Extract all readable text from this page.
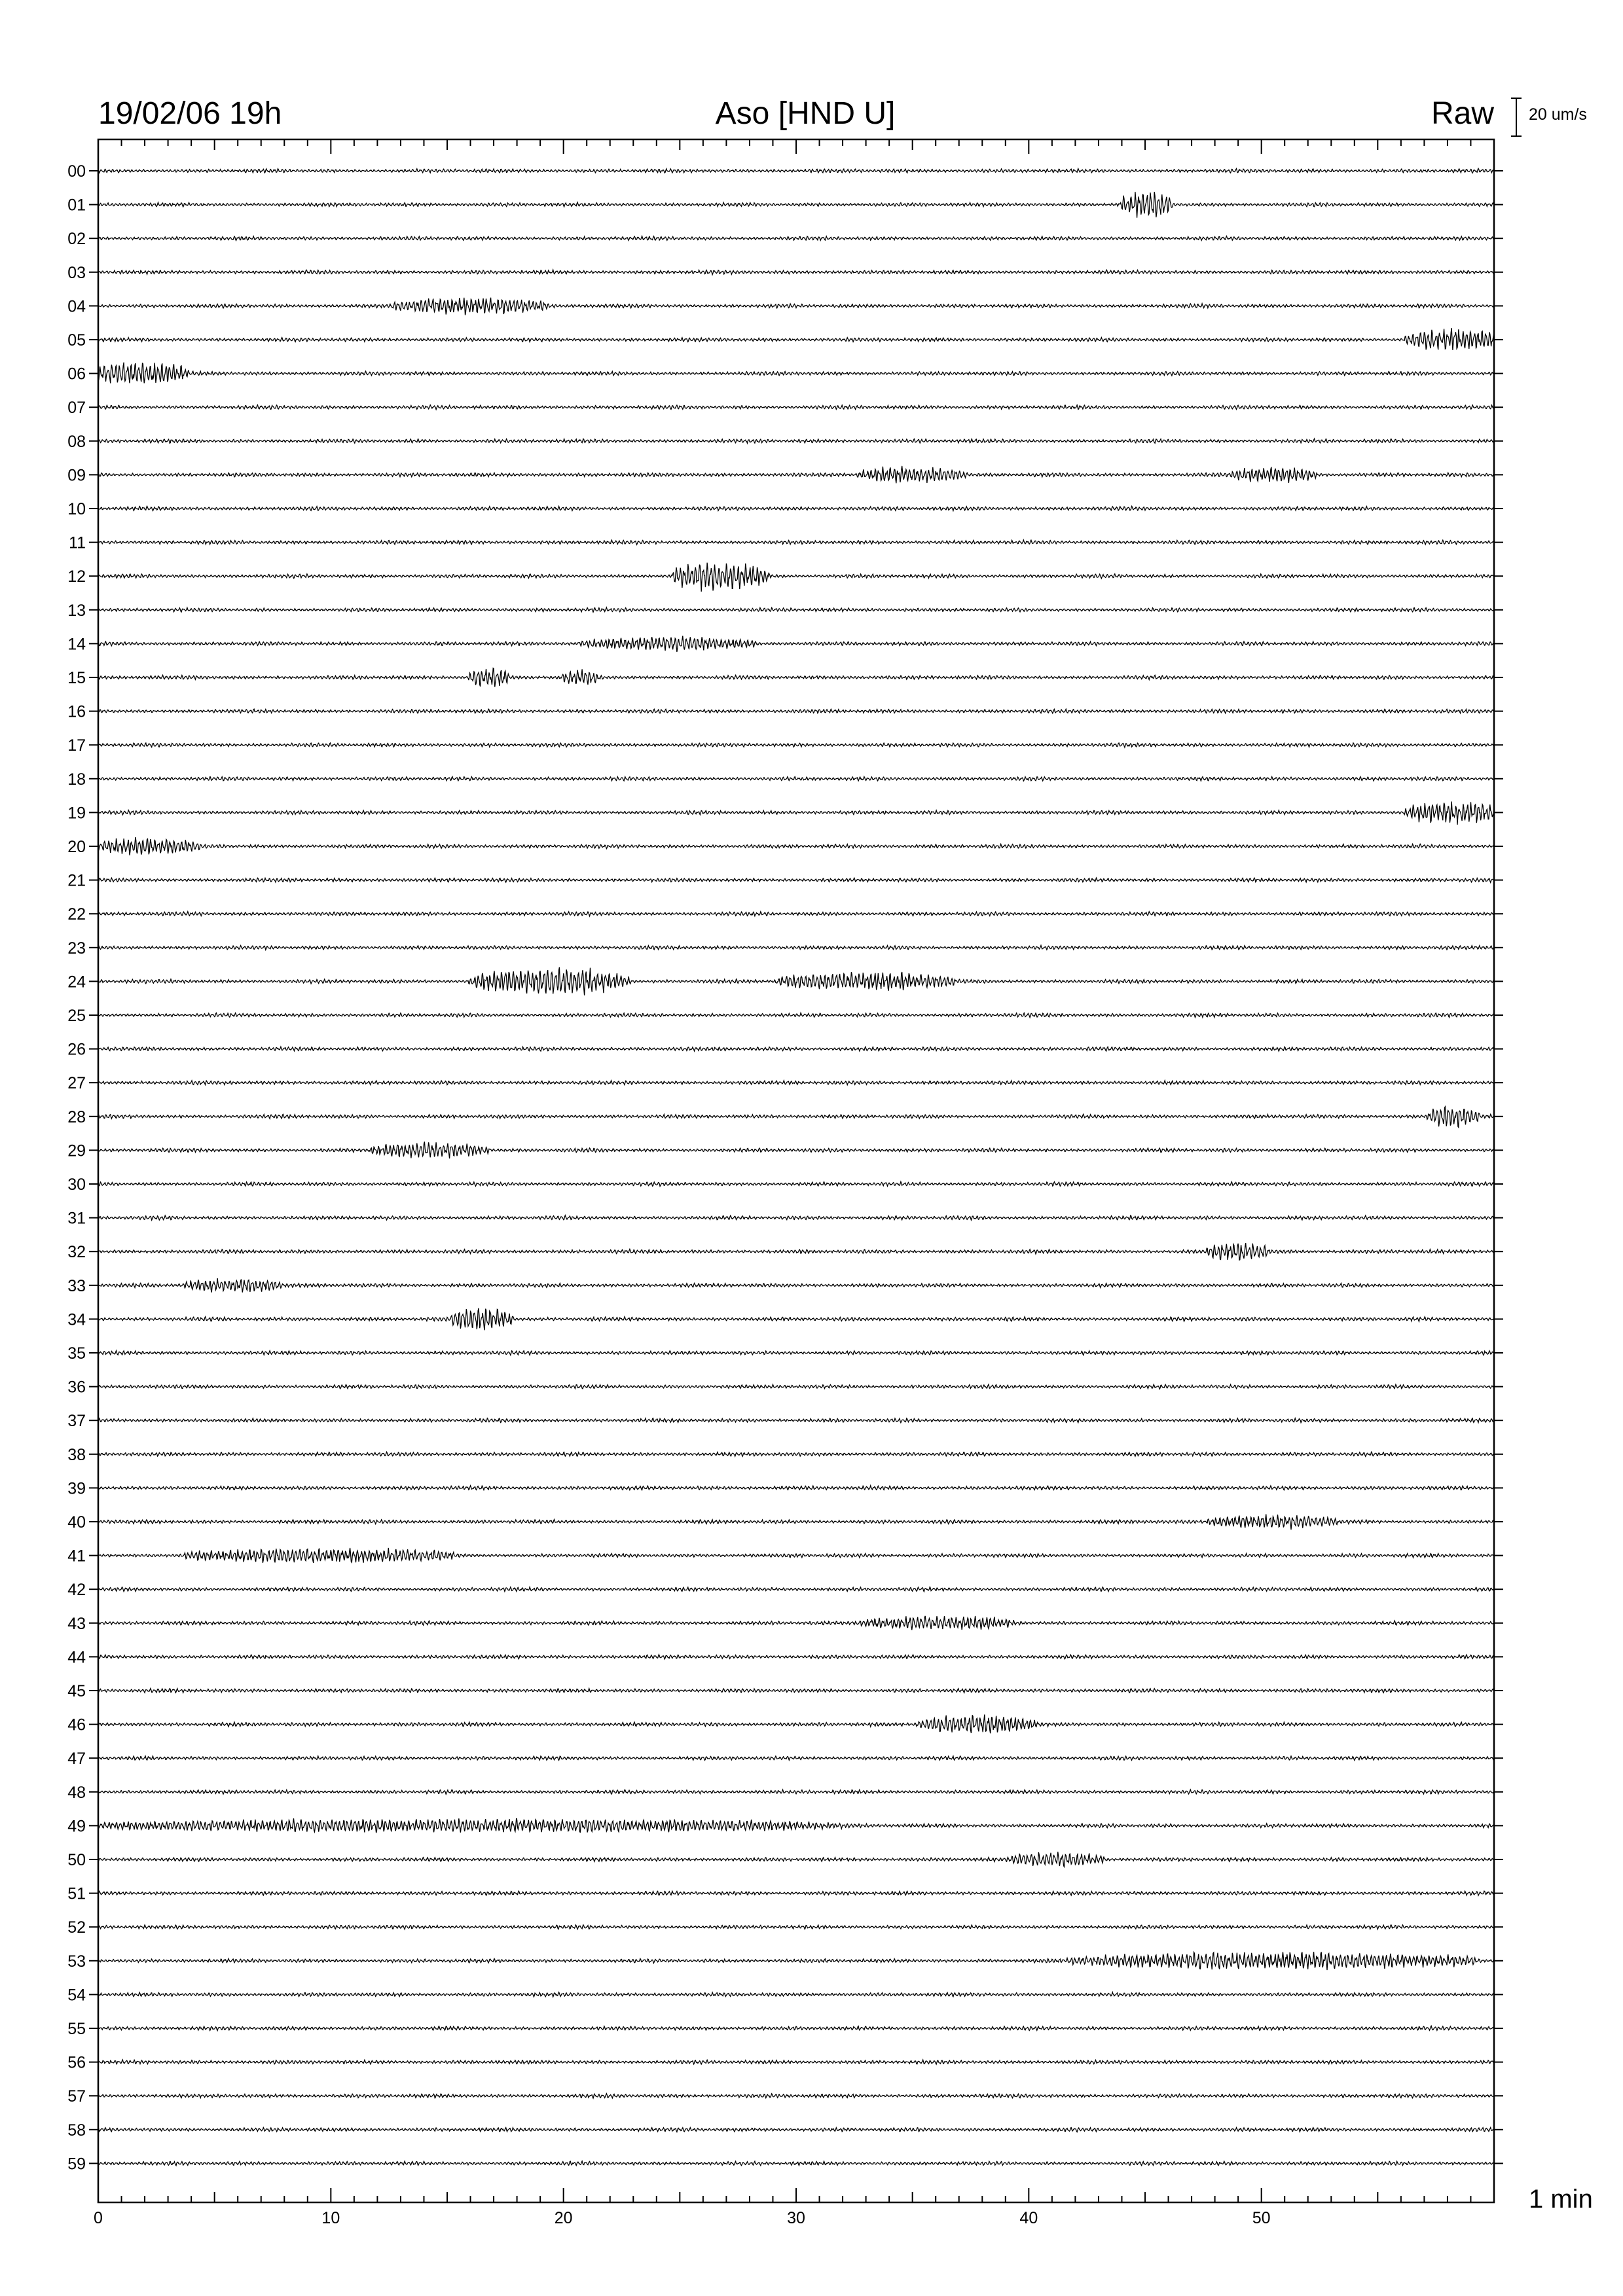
0	10	20	30	40	50
00
01
02
03
04
05
06
07
08
09
10
11
12
13
14
15
16
17
18
19
20
21
22
23
24
25
26
27
28
29
30
31
32
33
34
35
36
37
38
39
40
41
42
43
44
45
46
47
48
49
50
51
52
53
54
55
56
57
58
59
19/02/06 19h	Aso [HND U]	Raw 20 um/s
1 min
